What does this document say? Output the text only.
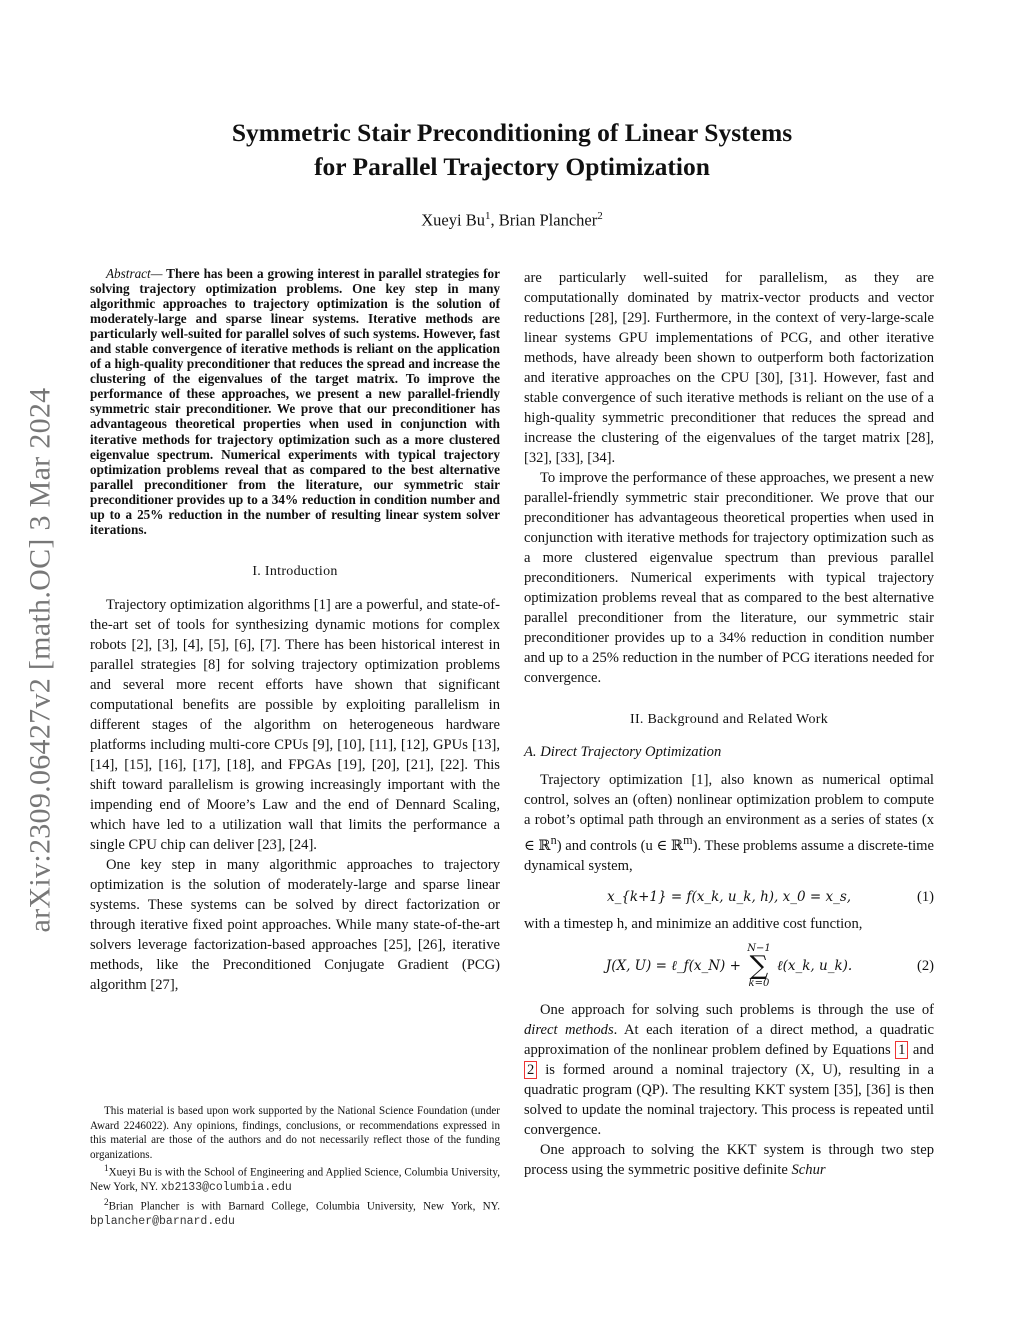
arXiv:2309.06427v2 [math.OC] 3 Mar 2024
Symmetric Stair Preconditioning of Linear Systems
for Parallel Trajectory Optimization
Xueyi Bu$^1$, Brian Plancher$^2$

Abstract— There has been a growing interest in parallel strategies for solving trajectory optimization problems. One key step in many algorithmic approaches to trajectory optimization is the solution of moderately-large and sparse linear systems. Iterative methods are particularly well-suited for parallel solves of such systems. However, fast and stable convergence of iterative methods is reliant on the application of a high-quality preconditioner that reduces the spread and increase the clustering of the eigenvalues of the target matrix. To improve the performance of these approaches, we present a new parallel-friendly symmetric stair preconditioner. We prove that our preconditioner has advantageous theoretical properties when used in conjunction with iterative methods for trajectory optimization such as a more clustered eigenvalue spectrum. Numerical experiments with typical trajectory optimization problems reveal that as compared to the best alternative parallel preconditioner from the literature, our symmetric stair preconditioner provides up to a 34% reduction in condition number and up to a 25% reduction in the number of resulting linear system solver iterations.

I. Introduction

Trajectory optimization algorithms [1] are a powerful, and state-of-the-art set of tools for synthesizing dynamic motions for complex robots [2], [3], [4], [5], [6], [7]. There has been historical interest in parallel strategies [8] for solving trajectory optimization problems and several more recent efforts have shown that significant computational benefits are possible by exploiting parallelism in different stages of the algorithm on heterogeneous hardware platforms including multi-core CPUs [9], [10], [11], [12], GPUs [13], [14], [15], [16], [17], [18], and FPGAs [19], [20], [21], [22]. This shift toward parallelism is growing increasingly important with the impending end of Moore’s Law and the end of Dennard Scaling, which have led to a utilization wall that limits the performance a single CPU chip can deliver [23], [24].

One key step in many algorithmic approaches to trajectory optimization is the solution of moderately-large and sparse linear systems. These systems can be solved by direct factorization or through iterative fixed point approaches. While many state-of-the-art solvers leverage factorization-based approaches [25], [26], iterative methods, like the Preconditioned Conjugate Gradient (PCG) algorithm [27],

are particularly well-suited for parallelism, as they are computationally dominated by matrix-vector products and vector reductions [28], [29]. Furthermore, in the context of very-large-scale linear systems GPU implementations of PCG, and other iterative methods, have already been shown to outperform both factorization and iterative approaches on the CPU [30], [31]. However, fast and stable convergence of such iterative methods is reliant on the use of a high-quality symmetric preconditioner that reduces the spread and increase the clustering of the eigenvalues of the target matrix [28], [32], [33], [34].

To improve the performance of these approaches, we present a new parallel-friendly symmetric stair preconditioner. We prove that our preconditioner has advantageous theoretical properties when used in conjunction with iterative methods for trajectory optimization such as a more clustered eigenvalue spectrum than previous parallel preconditioners. Numerical experiments with typical trajectory optimization problems reveal that as compared to the best alternative parallel preconditioner from the literature, our symmetric stair preconditioner provides up to a 34% reduction in condition number and up to a 25% reduction in the number of PCG iterations needed for convergence.

II. Background and Related Work

A. Direct Trajectory Optimization

Trajectory optimization [1], also known as numerical optimal control, solves an (often) nonlinear optimization problem to compute a robot’s optimal path through an environment as a series of states (x ∈ ℝ$^n$) and controls (u ∈ ℝ$^m$). These problems assume a discrete-time dynamical system,

x_{k+1} = f(x_k, u_k, h), x_0 = x_s,	(1)

with a timestep h, and minimize an additive cost function,

J(X, U) = ℓ_f(x_N) +
N−1
∑
k=0
ℓ(x_k, u_k).	(2)

One approach for solving such problems is through the use of direct methods. At each iteration of a direct method, a quadratic approximation of the nonlinear problem defined by Equations 1 and 2 is formed around a nominal trajectory (X, U), resulting in a quadratic program (QP). The resulting KKT system [35], [36] is then solved to update the nominal trajectory. This process is repeated until convergence.

One approach to solving the KKT system is through two step process using the symmetric positive definite Schur

This material is based upon work supported by the National Science Foundation (under Award 2246022). Any opinions, findings, conclusions, or recommendations expressed in this material are those of the authors and do not necessarily reflect those of the funding organizations.

$^1$Xueyi Bu is with the School of Engineering and Applied Science, Columbia University, New York, NY. xb2133@columbia.edu

$^2$Brian Plancher is with Barnard College, Columbia University, New York, NY. bplancher@barnard.edu
